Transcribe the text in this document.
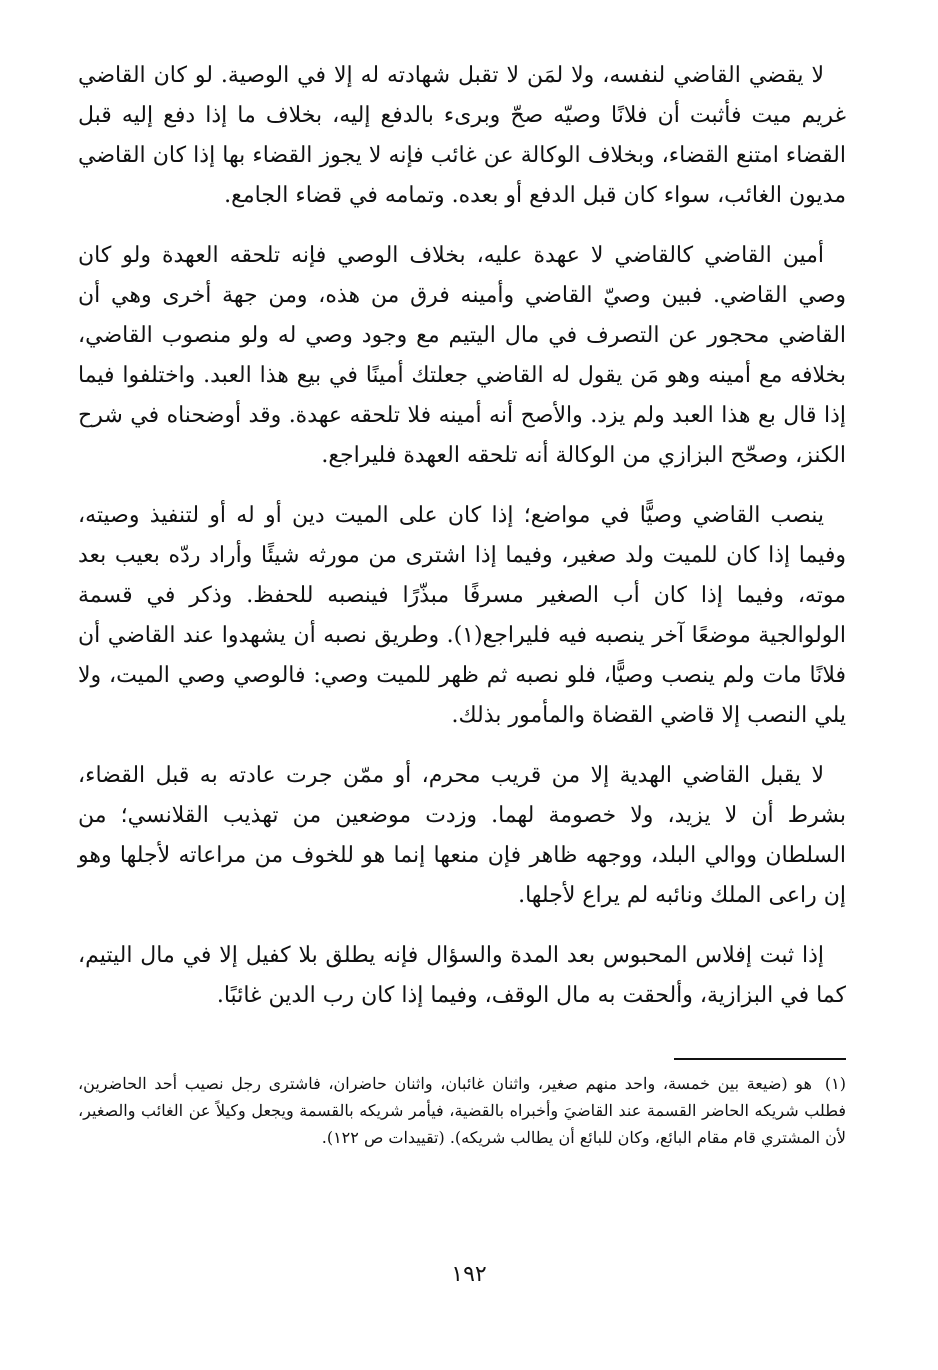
لا يقضي القاضي لنفسه، ولا لمَن لا تقبل شهادته له إلا في الوصية. لو كان القاضي غريم ميت فأثبت أن فلانًا وصيّه صحّ وبرىء بالدفع إليه، بخلاف ما إذا دفع إليه قبل القضاء امتنع القضاء، وبخلاف الوكالة عن غائب فإنه لا يجوز القضاء بها إذا كان القاضي مديون الغائب، سواء كان قبل الدفع أو بعده. وتمامه في قضاء الجامع.

أمين القاضي كالقاضي لا عهدة عليه، بخلاف الوصي فإنه تلحقه العهدة ولو كان وصي القاضي. فبين وصيّ القاضي وأمينه فرق من هذه، ومن جهة أخرى وهي أن القاضي محجور عن التصرف في مال اليتيم مع وجود وصي له ولو منصوب القاضي، بخلافه مع أمينه وهو مَن يقول له القاضي جعلتك أمينًا في بيع هذا العبد. واختلفوا فيما إذا قال بع هذا العبد ولم يزد. والأصح أنه أمينه فلا تلحقه عهدة. وقد أوضحناه في شرح الكنز، وصحّح البزازي من الوكالة أنه تلحقه العهدة فليراجع.

ينصب القاضي وصيًّا في مواضع؛ إذا كان على الميت دين أو له أو لتنفيذ وصيته، وفيما إذا كان للميت ولد صغير، وفيما إذا اشترى من مورثه شيئًا وأراد ردّه بعيب بعد موته، وفيما إذا كان أب الصغير مسرفًا مبذّرًا فينصبه للحفظ. وذكر في قسمة الولوالجية موضعًا آخر ينصبه فيه فليراجع(١). وطريق نصبه أن يشهدوا عند القاضي أن فلانًا مات ولم ينصب وصيًّا، فلو نصبه ثم ظهر للميت وصي: فالوصي وصي الميت، ولا يلي النصب إلا قاضي القضاة والمأمور بذلك.

لا يقبل القاضي الهدية إلا من قريب محرم، أو ممّن جرت عادته به قبل القضاء، بشرط أن لا يزيد، ولا خصومة لهما. وزدت موضعين من تهذيب القلانسي؛ من السلطان ووالي البلد، ووجهه ظاهر فإن منعها إنما هو للخوف من مراعاته لأجلها وهو إن راعى الملك ونائبه لم يراع لأجلها.

إذا ثبت إفلاس المحبوس بعد المدة والسؤال فإنه يطلق بلا كفيل إلا في مال اليتيم، كما في البزازية، وألحقت به مال الوقف، وفيما إذا كان رب الدين غائبًا.

(١)هو (ضيعة بين خمسة، واحد منهم صغير، واثنان غائبان، واثنان حاضران، فاشترى رجل نصيب أحد الحاضرين، فطلب شريكه الحاضر القسمة عند القاضيَ وأخبراه بالقضية، فيأمر شريكه بالقسمة ويجعل وكيلاً عن الغائب والصغير، لأن المشتري قام مقام البائع، وكان للبائع أن يطالب شريكه). (تقييدات ص ١٢٢).
١٩٢
